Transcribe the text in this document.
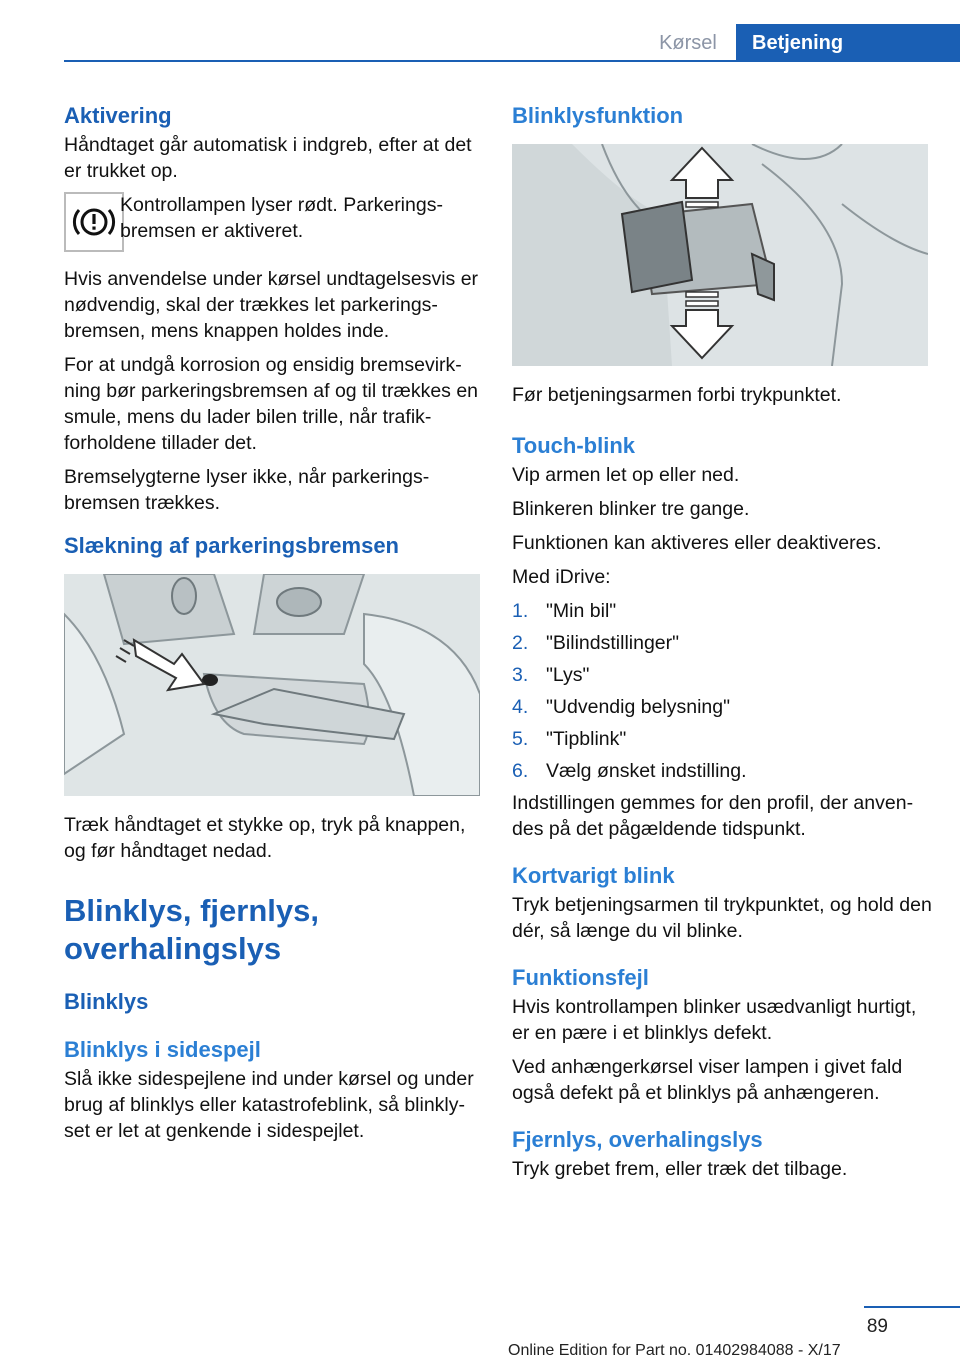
Kørsel	Betjening
Aktivering

Håndtaget går automatisk i indgreb, efter at det er trukket op.

Kontrollampen lyser rødt. Parkeringsbremsen er aktiveret.

Hvis anvendelse under kørsel undtagelsesvis er nødvendig, skal der trækkes let parkeringsbremsen, mens knappen holdes inde.

For at undgå korrosion og ensidig bremsevirkning bør parkeringsbremsen af og til trækkes en smule, mens du lader bilen trille, når trafikforholdene tillader det.

Bremselygterne lyser ikke, når parkeringsbremsen trækkes.

Slækning af parkeringsbremsen

Træk håndtaget et stykke op, tryk på knappen, og før håndtaget nedad.

Blinklys, fjernlys, overhalingslys
Blinklys
Blinklys i sidespejl

Slå ikke sidespejlene ind under kørsel og under brug af blinklys eller katastrofeblink, så blinklyset er let at genkende i sidespejlet.

Blinklysfunktion

Før betjeningsarmen forbi trykpunktet.

Touch-blink

Vip armen let op eller ned.

Blinkeren blinker tre gange.

Funktionen kan aktiveres eller deaktiveres.

Med iDrive:

1. "Min bil"
2. "Bilindstillinger"
3. "Lys"
4. "Udvendig belysning"
5. "Tipblink"
6. Vælg ønsket indstilling.

Indstillingen gemmes for den profil, der anvendes på det pågældende tidspunkt.

Kortvarigt blink

Tryk betjeningsarmen til trykpunktet, og hold den dér, så længe du vil blinke.

Funktionsfejl

Hvis kontrollampen blinker usædvanligt hurtigt, er en pære i et blinklys defekt.

Ved anhængerkørsel viser lampen i givet fald også defekt på et blinklys på anhængeren.

Fjernlys, overhalingslys

Tryk grebet frem, eller træk det tilbage.

89
Online Edition for Part no. 01402984088 - X/17
